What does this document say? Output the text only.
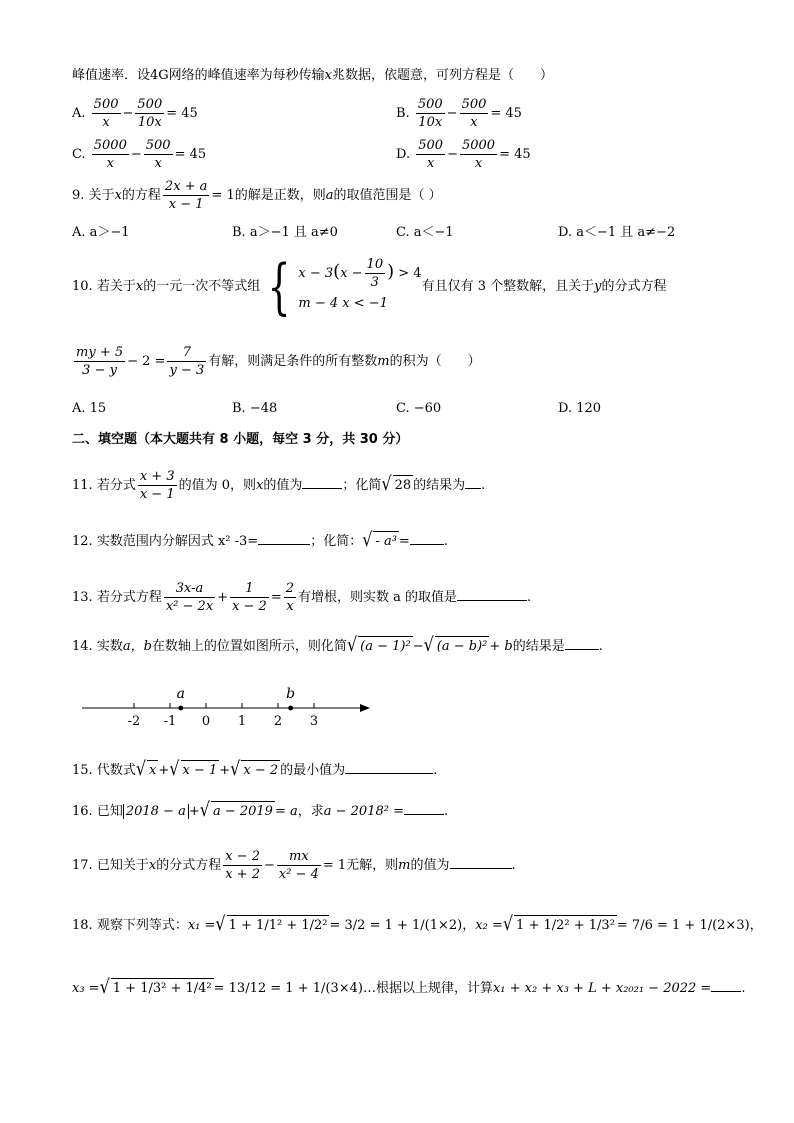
峰值速率．设4G网络的峰值速率为每秒传输x兆数据，依题意，可列方程是（　　）
A. $\frac{500}{x} - \frac{500}{10x} = 45$	B. $\frac{500}{10x} - \frac{500}{x} = 45$
C. $\frac{5000}{x} - \frac{500}{x} = 45$	D. $\frac{500}{x} - \frac{5000}{x} = 45$
9. 关于x的方程 $\frac{2x + a}{x - 1} = 1$的解是正数，则a的取值范围是（ ）
A. a＞−1	B. a＞−1 且 a≠0	C. a＜−1	D. a＜−1 且 a≠−2
10. 若关于x的一元一次不等式组 { $x - 3(x - \frac{10}{3}$ ) > 4
m − 4 x < −1
有且仅有 3 个整数解，且关于y的分式方程
$\frac{my + 5}{3 - y} - 2 = \frac{7}{y - 3}$ 有解，则满足条件的所有整数m的积为（　　）
A. 15	B. −48	C. −60	D. 120
二、填空题（本大题共有 8 小题，每空 3 分，共 30 分）
11. 若分式 $\frac{x + 3}{x - 1}$ 的值为 0，则x的值为	；化简√ 28 的结果为 .
12. 实数范围内分解因式 x² -3=	；化简：√ - a³ =	.
13. 若分式方程 $\frac{3x-a}{\text{x² − 2x}} + \frac{1}{x - 2} = \frac{2}{x}$ 有增根，则实数 a 的取值是	.
14. 实数a，b在数轴上的位置如图所示，则化简√ (a − 1)² −√ (a − b)² + b的结果是	.
-2 -1 0 1 2 3
a	b
15. 代数式√ x +√ x − 1 +√ x − 2 的最小值为	.
16. 已知 2018 − a +√ a − 2019 = a，求a − 2018² =	.
17. 已知关于x的分式方程 $\frac{x - 2}{x + 2} - \frac{mx}{\text{x² − 4}} = 1$无解，则m的值为	.
18. 观察下列等式：x₁ =√ 1 + 1/1² + 1/2² = 3/2 = 1 + 1/(1×2)，x₂ =√ 1 + 1/2² + 1/3² = 7/6 = 1 + 1/(2×3)，
x₃ =√ 1 + 1/3² + 1/4² = 13/12 = 1 + 1/(3×4)…根据以上规律，计算x₁ + x₂ + x₃ + L + x₂₀₂₁ − 2022 = .
